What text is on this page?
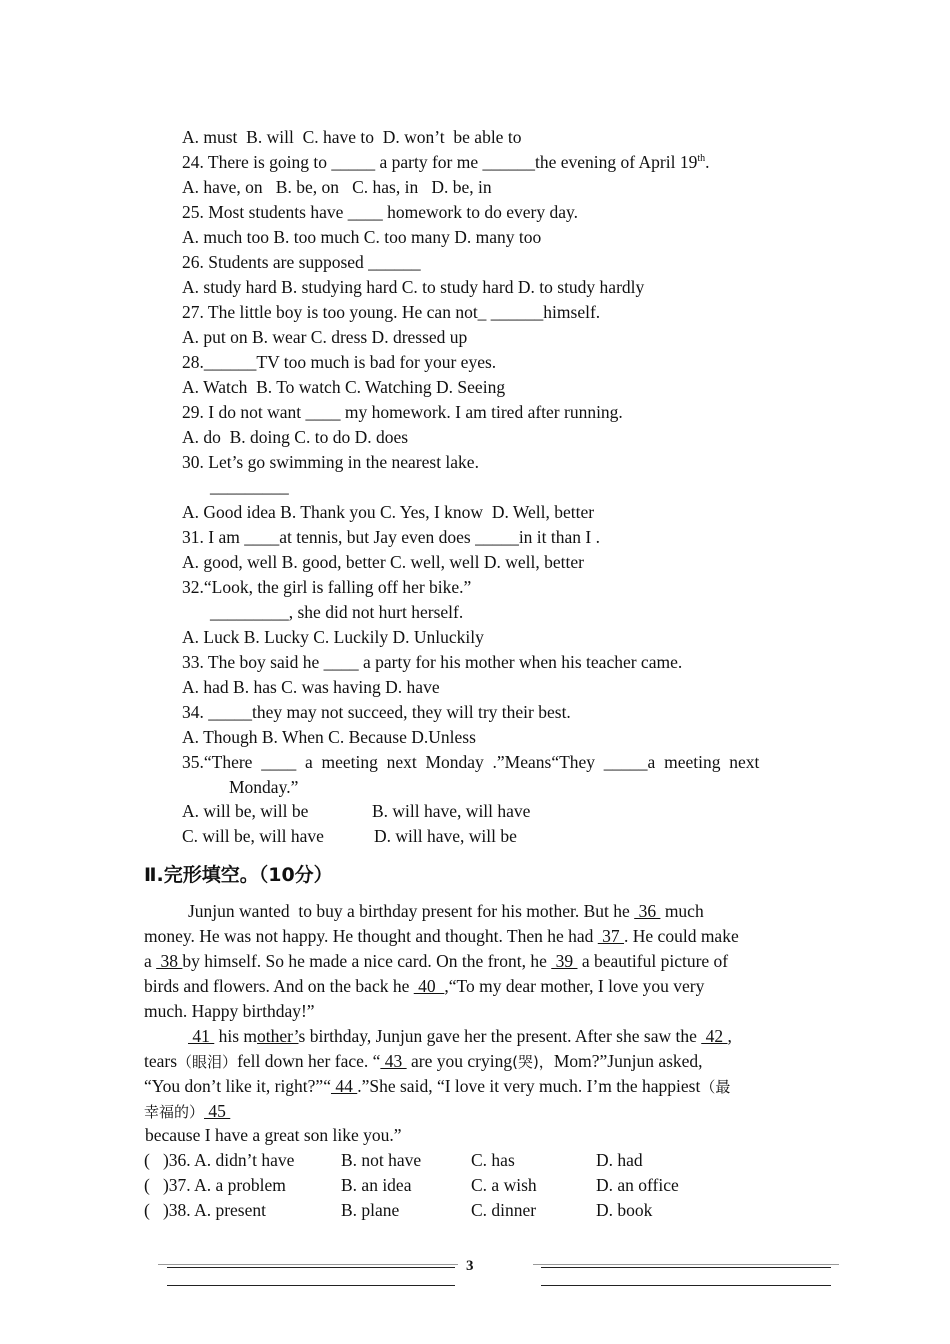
A. must  B. will  C. have to  D. won’t  be able to
24. There is going to _____ a party for me ______the evening of April 19th.
A. have, on   B. be, on   C. has, in   D. be, in
25. Most students have ____ homework to do every day.
A. much too B. too much C. too many D. many too
26. Students are supposed ______
A. study hard B. studying hard C. to study hard D. to study hardly
27. The little boy is too young. He can not_ ______himself.
A. put on B. wear C. dress D. dressed up
28.______TV too much is bad for your eyes.
A. Watch  B. To watch C. Watching D. Seeing
29. I do not want ____ my homework. I am tired after running.
A. do  B. doing C. to do D. does
30. Let’s go swimming in the nearest lake.
_________
A. Good idea B. Thank you C. Yes, I know  D. Well, better
31. I am ____at tennis, but Jay even does _____in it than I .
A. good, well B. good, better C. well, well D. well, better
32.“Look, the girl is falling off her bike.”
_________, she did not hurt herself.
A. Luck B. Lucky C. Luckily D. Unluckily
33. The boy said he ____ a party for his mother when his teacher came.
A. had B. has C. was having D. have
34. _____they may not succeed, they will try their best.
A. Though B. When C. Because D.Unless
35.“There  ____  a  meeting  next  Monday  .”Means“They  _____a  meeting  next
Monday.”
A. will be, will be	B. will have, will have
C. will be, will have	D. will have, will be
Ⅱ.完形填空。（10分）
Junjun wanted  to buy a birthday present for his mother. But he  36  much
money. He was not happy. He thought and thought. Then he had  37 . He could make
a  38 by himself. So he made a nice card. On the front, he  39  a beautiful picture of
birds and flowers. And on the back he  40  ,“To my dear mother, I love you very
much. Happy birthday!”
41  his mother’s birthday, Junjun gave her the present. After she saw the  42 ,
tears（眼泪）fell down her face. “ 43  are you crying(哭)，Mom?”Junjun asked,
“You don’t like it, right?”“ 44 .”She said, “I love it very much. I’m the happiest（最
幸福的） 45
because I have a great son like you.”
(   )36. A. didn’t have	B. not have	C. has	D. had
(   )37. A. a problem	B. an idea	C. a wish	D. an office
(   )38. A. present	B. plane	C. dinner	D. book
3
